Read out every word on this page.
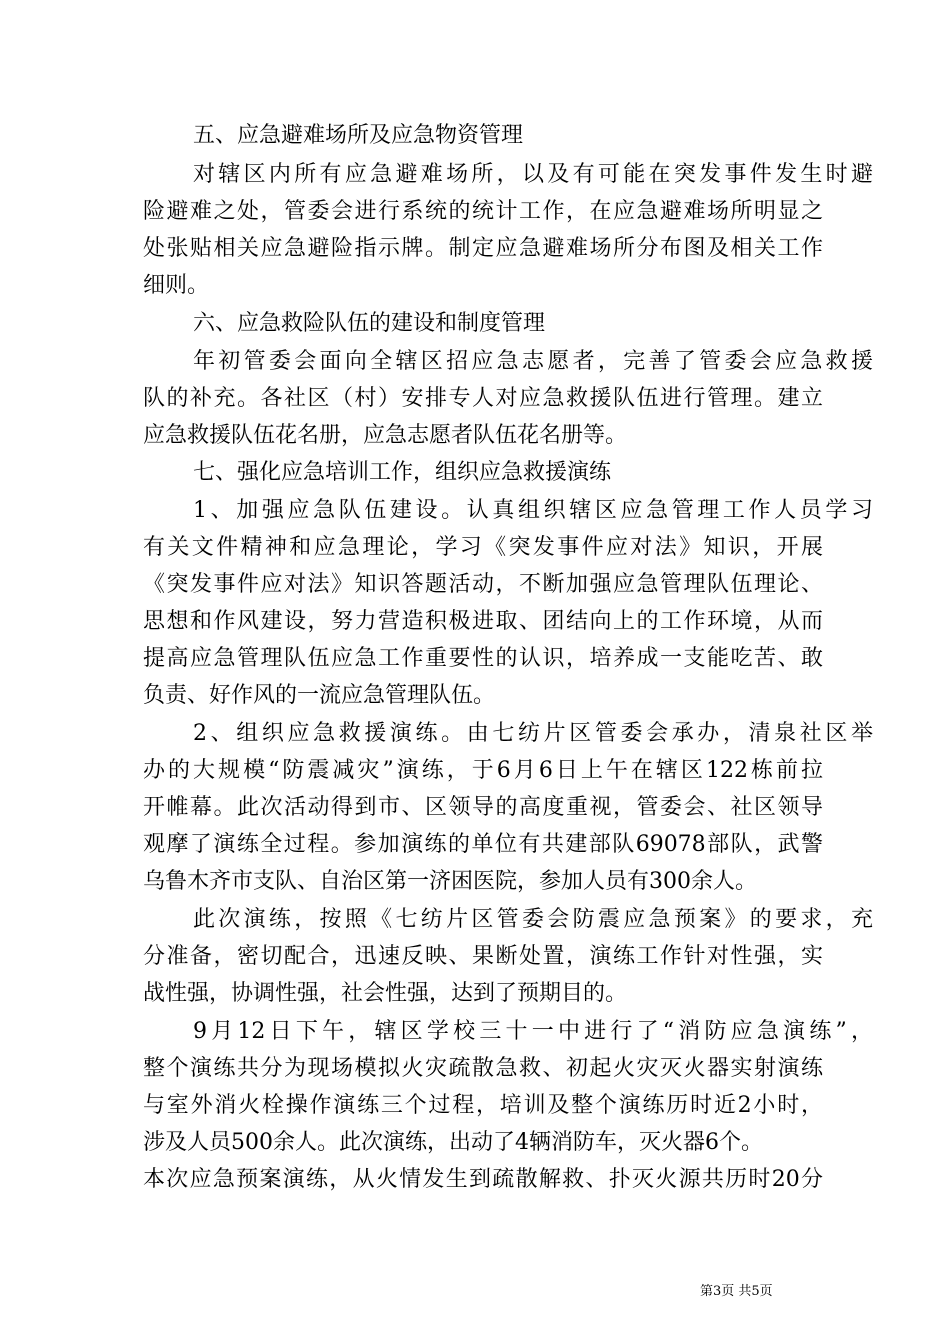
五、应急避难场所及应急物资管理
对辖区内所有应急避难场所，以及有可能在突发事件发生时避
险避难之处，管委会进行系统的统计工作，在应急避难场所明显之
处张贴相关应急避险指示牌。制定应急避难场所分布图及相关工作
细则。
六、应急救险队伍的建设和制度管理
年初管委会面向全辖区招应急志愿者，完善了管委会应急救援
队的补充。各社区（村）安排专人对应急救援队伍进行管理。建立
应急救援队伍花名册，应急志愿者队伍花名册等。
七、强化应急培训工作，组织应急救援演练
1、加强应急队伍建设。认真组织辖区应急管理工作人员学习
有关文件精神和应急理论，学习《突发事件应对法》知识，开展
《突发事件应对法》知识答题活动，不断加强应急管理队伍理论、
思想和作风建设，努力营造积极进取、团结向上的工作环境，从而
提高应急管理队伍应急工作重要性的认识，培养成一支能吃苦、敢
负责、好作风的一流应急管理队伍。
2、组织应急救援演练。由七纺片区管委会承办，清泉社区举
办的大规模“防震减灾”演练，于6月6日上午在辖区122栋前拉
开帷幕。此次活动得到市、区领导的高度重视，管委会、社区领导
观摩了演练全过程。参加演练的单位有共建部队69078部队，武警
乌鲁木齐市支队、自治区第一济困医院，参加人员有300余人。
此次演练，按照《七纺片区管委会防震应急预案》的要求，充
分准备，密切配合，迅速反映、果断处置，演练工作针对性强，实
战性强，协调性强，社会性强，达到了预期目的。
9月12日下午，辖区学校三十一中进行了“消防应急演练”，
整个演练共分为现场模拟火灾疏散急救、初起火灾灭火器实射演练
与室外消火栓操作演练三个过程，培训及整个演练历时近2小时，
涉及人员500余人。此次演练，出动了4辆消防车，灭火器6个。
本次应急预案演练，从火情发生到疏散解救、扑灭火源共历时20分
第3页 共5页
